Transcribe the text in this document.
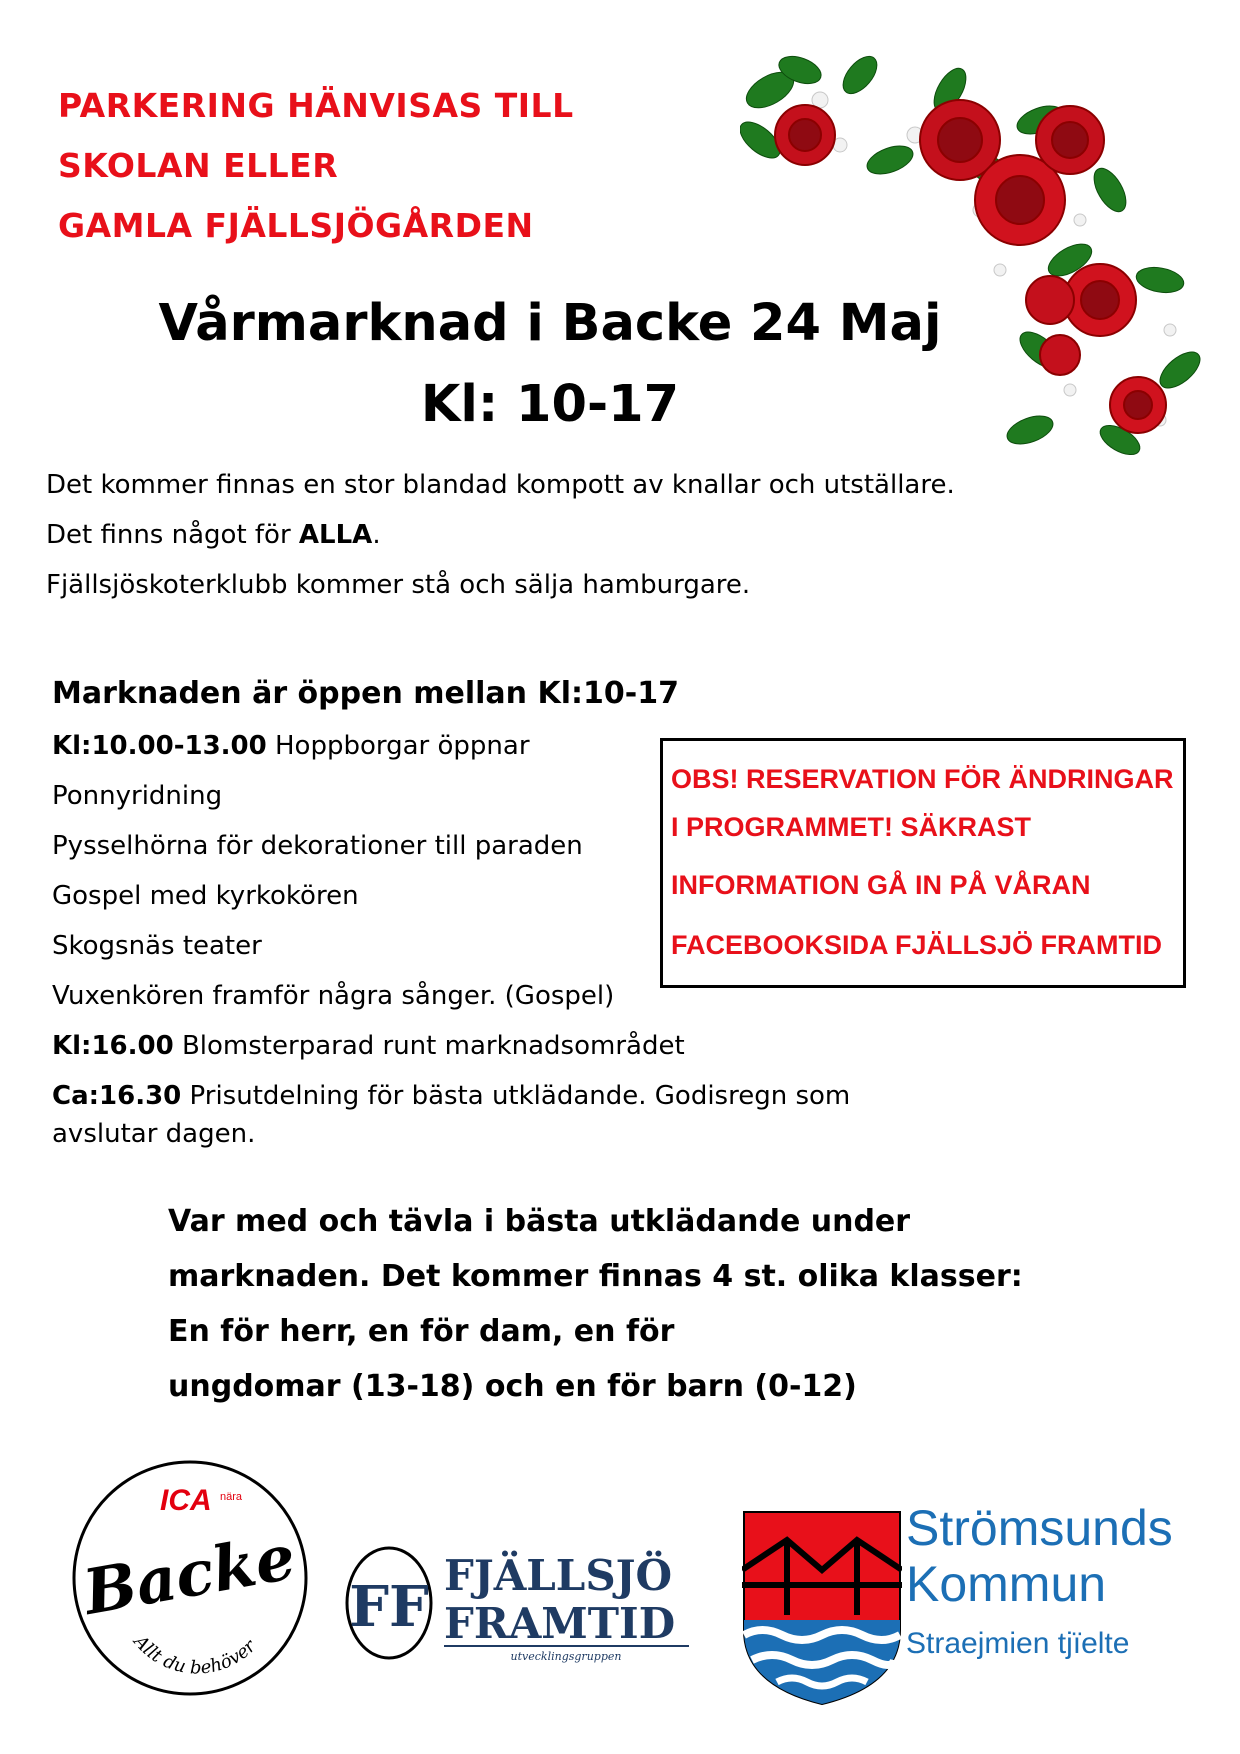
PARKERING HÄNVISAS TILL
SKOLAN ELLER
GAMLA FJÄLLSJÖGÅRDEN
Vårmarknad i Backe 24 Maj
Kl: 10-17
Det kommer finnas en stor blandad kompott av knallar och utställare.
Det finns något för ALLA.
Fjällsjöskoterklubb kommer stå och sälja hamburgare.
Marknaden är öppen mellan Kl:10-17
Kl:10.00-13.00 Hoppborgar öppnar
Ponnyridning
Pysselhörna för dekorationer till paraden
Gospel med kyrkokören
Skogsnäs teater
Vuxenkören framför några sånger. (Gospel)
Kl:16.00 Blomsterparad runt marknadsområdet
Ca:16.30 Prisutdelning för bästa utklädande. Godisregn som avslutar dagen.
OBS! RESERVATION FÖR ÄNDRINGAR
I PROGRAMMET! SÄKRAST
INFORMATION GÅ IN PÅ VÅRAN
FACEBOOKSIDA FJÄLLSJÖ FRAMTID
Var med och tävla i bästa utklädande under
marknaden. Det kommer finnas 4 st. olika klasser:
En för herr, en för dam, en för
ungdomar (13-18) och en för barn (0-12)
ICA nära
Backe
Allt du behöver
FF FJÄLLSJÖ
FRAMTID
utvecklingsgruppen
Strömsunds
Kommun
Straejmien tjïelte
